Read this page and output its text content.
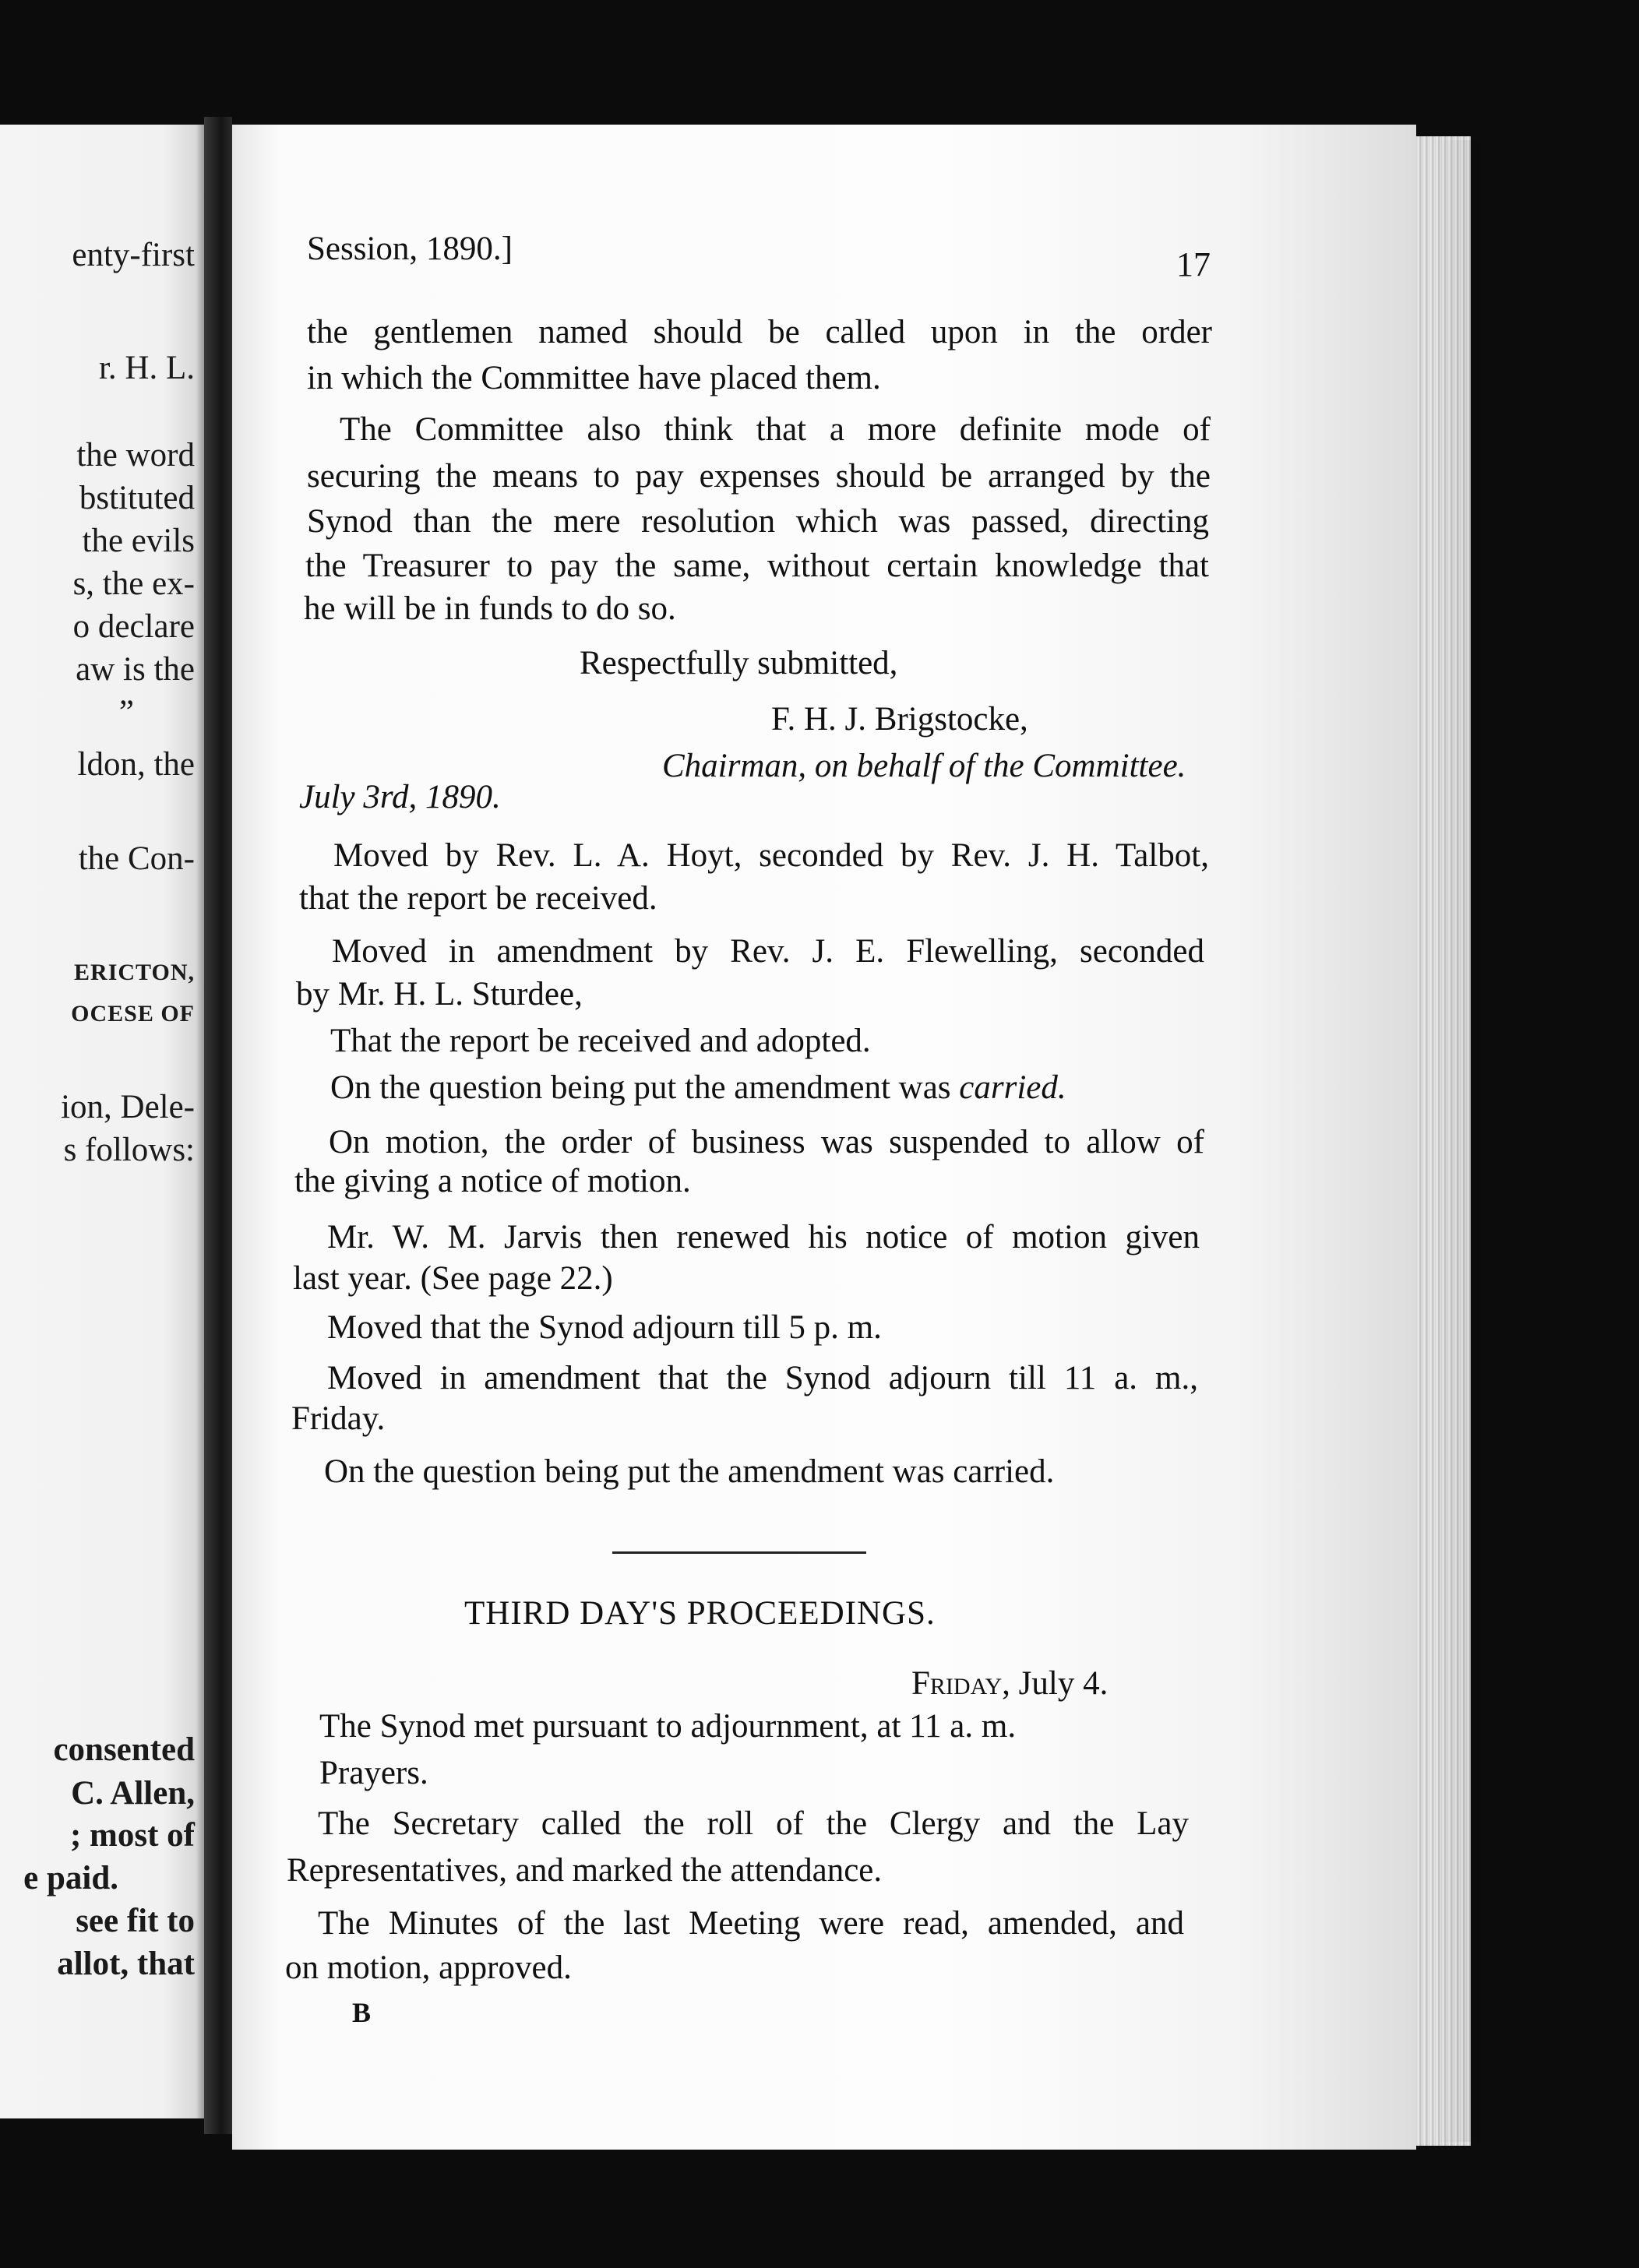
enty-first
r. H. L.
the word
bstituted
the evils
s, the ex-
o declare
aw is the
”
ldon, the
the Con-
ERICTON,
OCESE OF
ion, Dele-
s follows:
consented
C. Allen,
; most of
e paid.
see fit to
allot, that
Session, 1890.]	17
the gentlemen named should be called upon in the order
in which the Committee have placed them.
The Committee also think that a more definite mode of
securing the means to pay expenses should be arranged by the
Synod than the mere resolution which was passed, directing
the Treasurer to pay the same, without certain knowledge that
he will be in funds to do so.
Respectfully submitted,
F. H. J. Brigstocke,
Chairman, on behalf of the Committee.
July 3rd, 1890.
Moved by Rev. L. A. Hoyt, seconded by Rev. J. H. Talbot,
that the report be received.
Moved in amendment by Rev. J. E. Flewelling, seconded
by Mr. H. L. Sturdee,
That the report be received and adopted.
On the question being put the amendment was carried.
On motion, the order of business was suspended to allow of
the giving a notice of motion.
Mr. W. M. Jarvis then renewed his notice of motion given
last year. (See page 22.)
Moved that the Synod adjourn till 5 p. m.
Moved in amendment that the Synod adjourn till 11 a. m.,
Friday.
On the question being put the amendment was carried.
THIRD DAY'S PROCEEDINGS.
Friday, July 4.
The Synod met pursuant to adjournment, at 11 a. m.
Prayers.
The Secretary called the roll of the Clergy and the Lay
Representatives, and marked the attendance.
The Minutes of the last Meeting were read, amended, and
on motion, approved.
B
